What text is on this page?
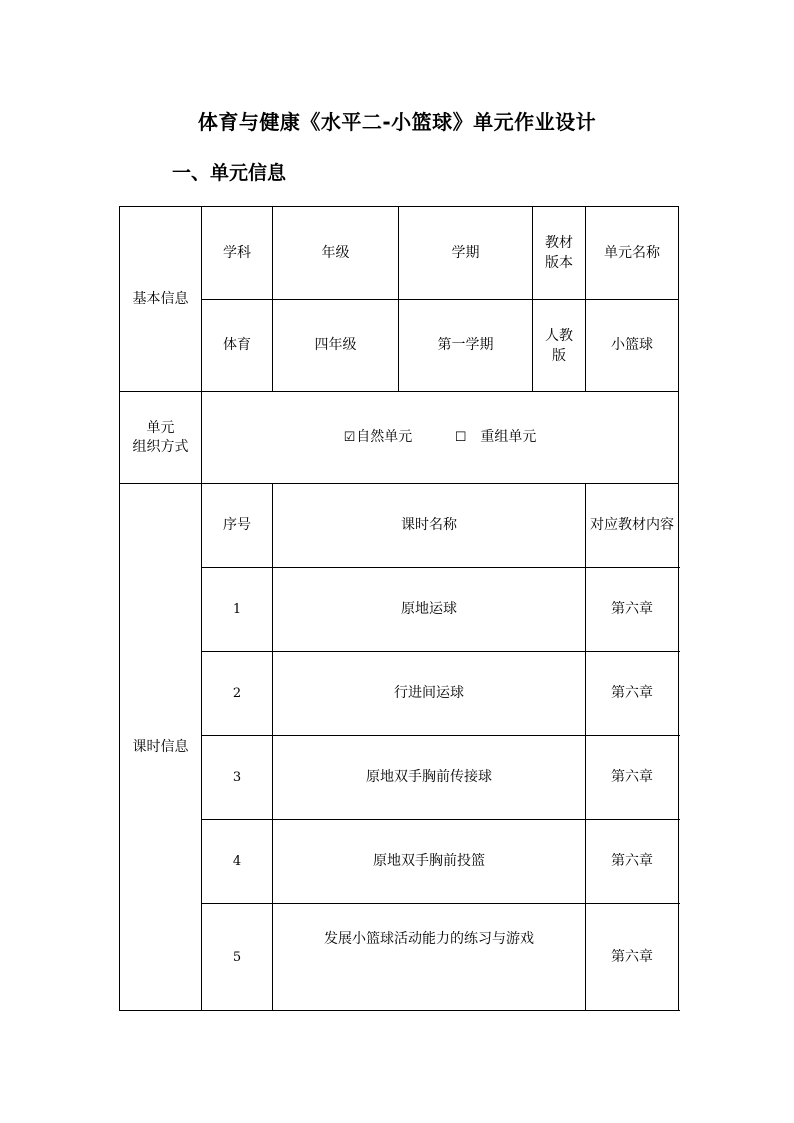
体育与健康《水平二-小篮球》单元作业设计
一、单元信息
基本信息	学科	年级	学期	教材版本	单元名称
	体育	四年级	第一学期	人教版	小篮球

单元
组织方式	☑自然单元 ☐ 重组单元				
课时信息	序号	课时名称			对应教材内容
	1	原地运球			第六章
	2	行进间运球			第六章
	3	原地双手胸前传接球			第六章
	4	原地双手胸前投篮			第六章
	5	发展小篮球活动能力的练习与游戏			第六章
